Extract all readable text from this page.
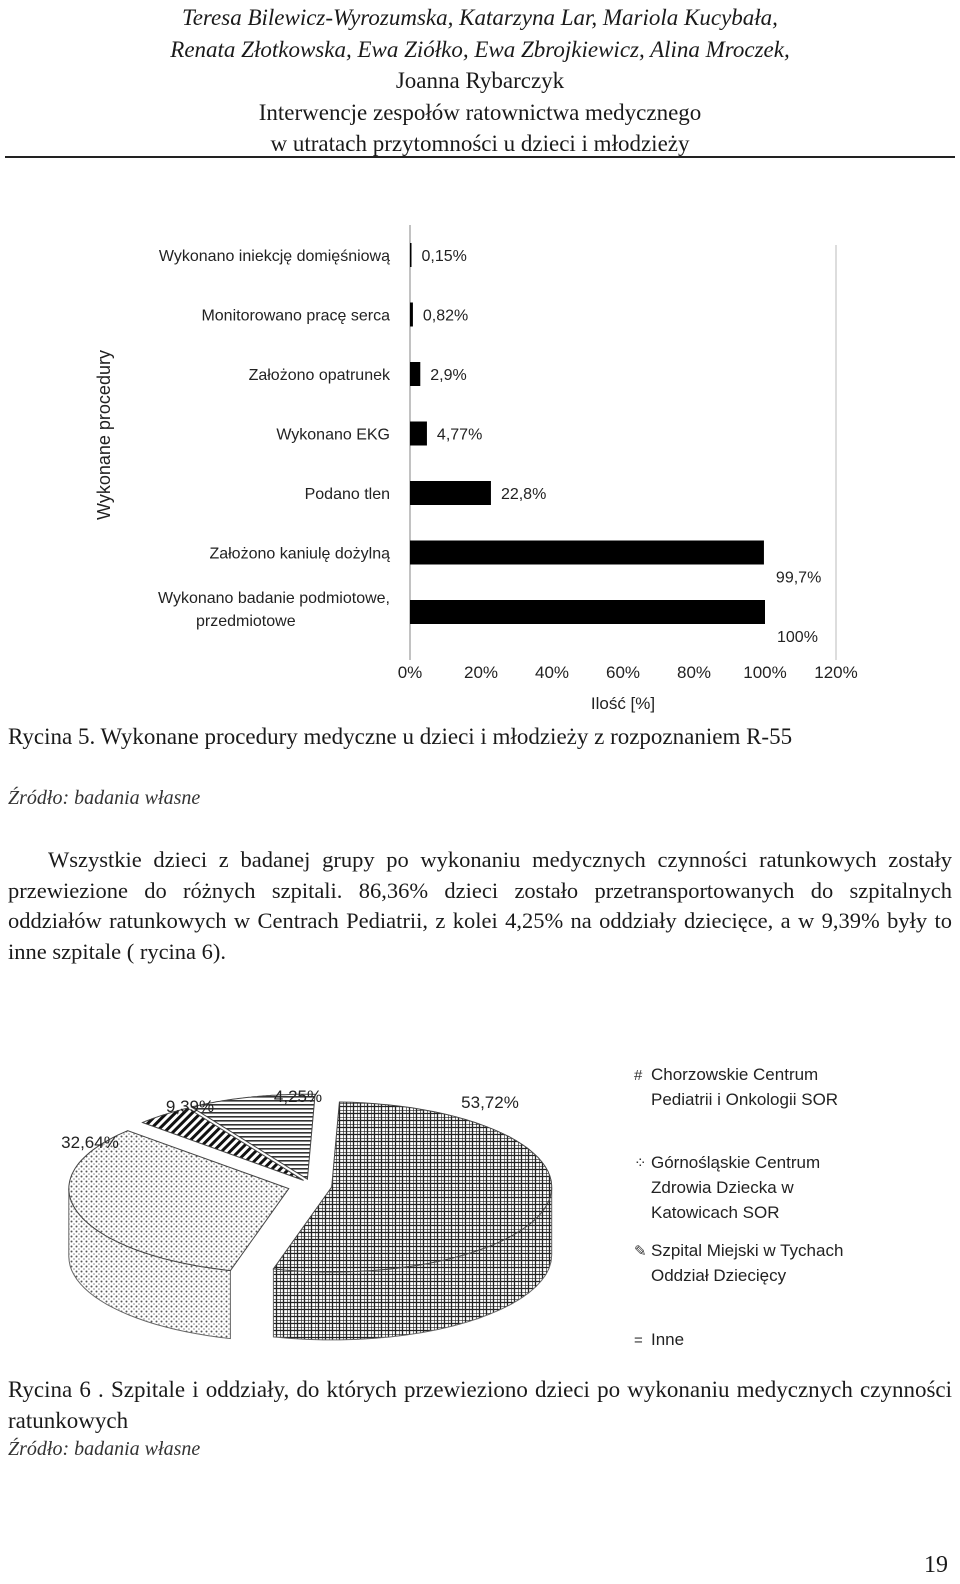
Teresa Bilewicz-Wyrozumska, Katarzyna Lar, Mariola Kucybała,
Renata Złotkowska, Ewa Ziółko, Ewa Zbrojkiewicz, Alina Mroczek,
Joanna Rybarczyk
Interwencje zespołów ratownictwa medycznego
w utratach przytomności u dzieci i młodzieży
0% 20% 40% 60% 80% 100% 120%
Ilość [%]
Wykonane procedury
0,15%
Wykonano iniekcję domięśniową
0,82%
Monitorowano pracę serca
2,9%
Założono opatrunek
4,77%
Wykonano EKG
22,8%
Podano tlen
99,7%
Założono kaniulę dożylną
100%
Wykonano badanie podmiotowe,
przedmiotowe
Rycina 5. Wykonane procedury medyczne u dzieci i młodzieży z rozpoznaniem R-55
Źródło: badania własne
Wszystkie dzieci z badanej grupy po wykonaniu medycznych czynności ratunkowych zostały przewiezione do różnych szpitali. 86,36% dzieci zostało przetransportowanych do szpitalnych oddziałów ratunkowych w Centrach Pediatrii, z kolei 4,25% na oddziały dziecięce, a w 9,39% były to inne szpitale ( rycina 6).
53,72%
32,64%
4,25%
9,39%
# Chorzowskie Centrum
Pediatrii i Onkologii SOR
⁘ Górnośląskie Centrum
Zdrowia Dziecka w
Katowicach SOR
✎ Szpital Miejski w Tychach
Oddział Dziecięcy
= Inne
Rycina 6 . Szpitale i oddziały, do których przewieziono dzieci po wykonaniu medycznych czynności ratunkowych
Źródło: badania własne
19
